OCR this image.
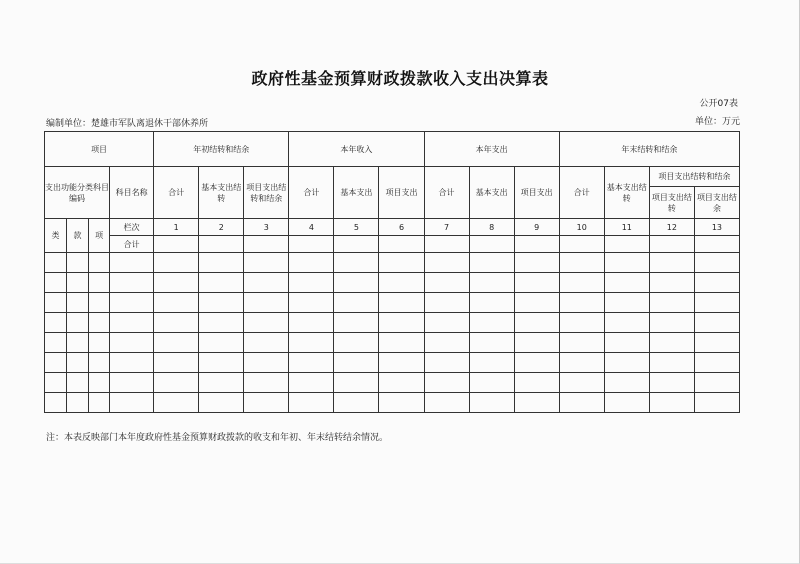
政府性基金预算财政拨款收入支出决算表
公开07表
编制单位：楚雄市军队离退休干部休养所	单位：万元
项目				年初结转和结余			本年收入			本年支出			年末结转和结余			
支出功能分类科目编码			科目名称	合计	基本支出结转	项目支出结转和结余	合计	基本支出	项目支出	合计	基本支出	项目支出	合计	基本支出结转	项目支出结转和结余	
															项目支出结转	项目支出结余
类	款	项	栏次	1	2	3	4	5	6	7	8	9	10	11	12	13
			合计													

注：本表反映部门本年度政府性基金预算财政拨款的收支和年初、年末结转结余情况。
